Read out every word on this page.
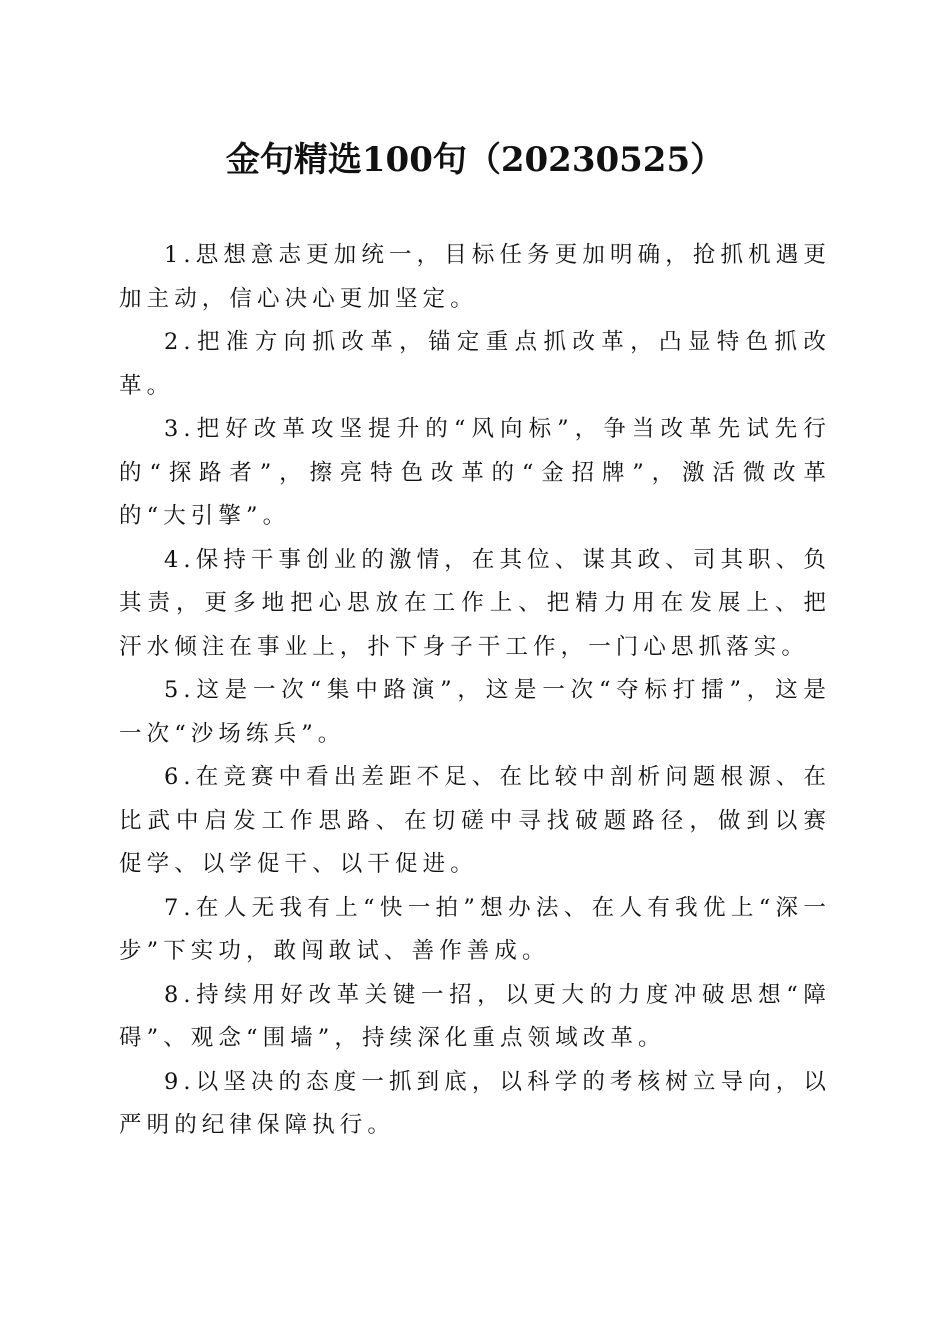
金句精选100句（20230525）

1.思想意志更加统一，目标任务更加明确，抢抓机遇更加主动，信心决心更加坚定。

2.把准方向抓改革，锚定重点抓改革，凸显特色抓改革。

3.把好改革攻坚提升的“风向标”，争当改革先试先行的“探路者”，擦亮特色改革的“金招牌”，激活微改革的“大引擎”。

4.保持干事创业的激情，在其位、谋其政、司其职、负其责，更多地把心思放在工作上、把精力用在发展上、把汗水倾注在事业上，扑下身子干工作，一门心思抓落实。

5.这是一次“集中路演”，这是一次“夺标打擂”，这是一次“沙场练兵”。

6.在竞赛中看出差距不足、在比较中剖析问题根源、在比武中启发工作思路、在切磋中寻找破题路径，做到以赛促学、以学促干、以干促进。

7.在人无我有上“快一拍”想办法、在人有我优上“深一步”下实功，敢闯敢试、善作善成。

8.持续用好改革关键一招，以更大的力度冲破思想“障碍”、观念“围墙”，持续深化重点领域改革。

9.以坚决的态度一抓到底，以科学的考核树立导向，以严明的纪律保障执行。
